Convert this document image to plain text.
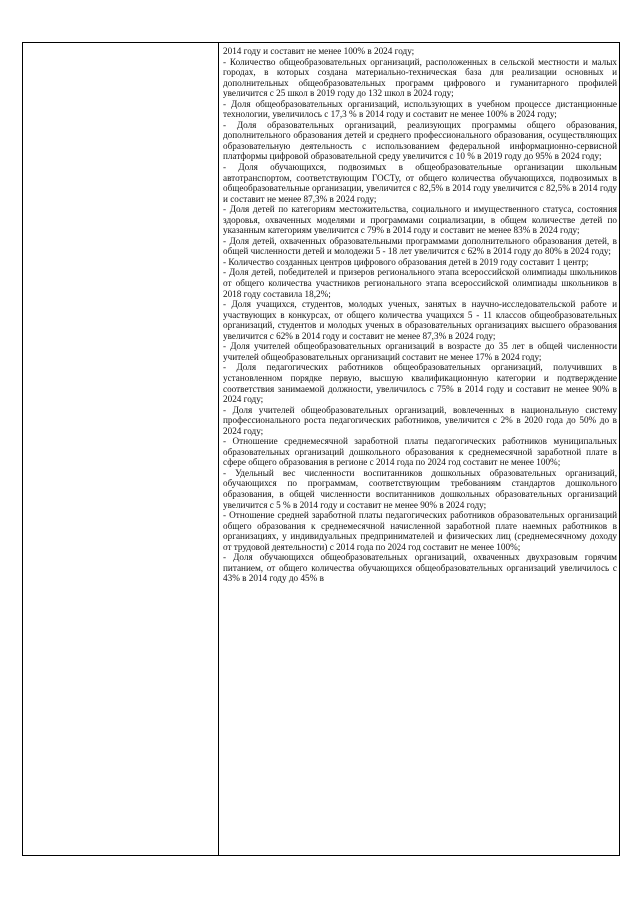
2014 году и составит не менее 100% в 2024 году;

- Количество общеобразовательных организаций, расположенных в сельской местности и малых городах, в которых создана материально-техническая база для реализации основных и дополнительных общеобразовательных программ цифрового и гуманитарного профилей увеличится с 25 школ в 2019 году до 132 школ в 2024 году;

- Доля общеобразовательных организаций, использующих в учебном процессе дистанционные технологии, увеличилось с 17,3 % в 2014 году и составит не менее 100% в 2024 году;

- Доля образовательных организаций, реализующих программы общего образования, дополнительного образования детей и среднего профессионального образования, осуществляющих образовательную деятельность с использованием федеральной информационно-сервисной платформы цифровой образовательной среду увеличится с 10 % в 2019 году до 95% в 2024 году;

- Доля обучающихся, подвозимых в общеобразовательные организации школьным автотранспортом, соответствующим ГОСТу, от общего количества обучающихся, подвозимых в общеобразовательные организации, увеличится с 82,5% в 2014 году увеличится с 82,5% в 2014 году и составит не менее 87,3% в 2024 году;

- Доля детей по категориям местожительства, социального и имущественного статуса, состояния здоровья, охваченных моделями и программами социализации, в общем количестве детей по указанным категориям увеличится с 79% в 2014 году и составит не менее 83% в 2024 году;

- Доля детей, охваченных образовательными программами дополнительного образования детей, в общей численности детей и молодежи 5 - 18 лет увеличится с 62% в 2014 году до 80% в 2024 году;

- Количество созданных центров цифрового образования детей в 2019 году составит 1 центр;

- Доля детей, победителей и призеров регионального этапа всероссийской олимпиады школьников от общего количества участников регионального этапа всероссийской олимпиады школьников в 2018 году составила 18,2%;

- Доля учащихся, студентов, молодых ученых, занятых в научно-исследовательской работе и участвующих в конкурсах, от общего количества учащихся 5 - 11 классов общеобразовательных организаций, студентов и молодых ученых в образовательных организациях высшего образования увеличится с 62% в 2014 году и составит не менее 87,3% в 2024 году;

- Доля учителей общеобразовательных организаций в возрасте до 35 лет в общей численности учителей общеобразовательных организаций составит не менее 17% в 2024 году;

- Доля педагогических работников общеобразовательных организаций, получивших в установленном порядке первую, высшую квалификационную категории и подтверждение соответствия занимаемой должности, увеличилось с 75% в 2014 году и составит не менее 90% в 2024 году;

- Доля учителей общеобразовательных организаций, вовлеченных в национальную систему профессионального роста педагогических работников, увеличится с 2% в 2020 года до 50% до в 2024 году;

- Отношение среднемесячной заработной платы педагогических работников муниципальных образовательных организаций дошкольного образования к среднемесячной заработной плате в сфере общего образования в регионе с 2014 года по 2024 год составит не менее 100%;

- Удельный вес численности воспитанников дошкольных образовательных организаций, обучающихся по программам, соответствующим требованиям стандартов дошкольного образования, в общей численности воспитанников дошкольных образовательных организаций увеличится с 5 % в 2014 году и составит не менее 90% в 2024 году;

- Отношение средней заработной платы педагогических работников образовательных организаций общего образования к среднемесячной начисленной заработной плате наемных работников в организациях, у индивидуальных предпринимателей и физических лиц (среднемесячному доходу от трудовой деятельности) с 2014 года по 2024 год составит не менее 100%;

- Доля обучающихся общеобразовательных организаций, охваченных двухразовым горячим питанием, от общего количества обучающихся общеобразовательных организаций увеличилось с 43% в 2014 году до 45% в
